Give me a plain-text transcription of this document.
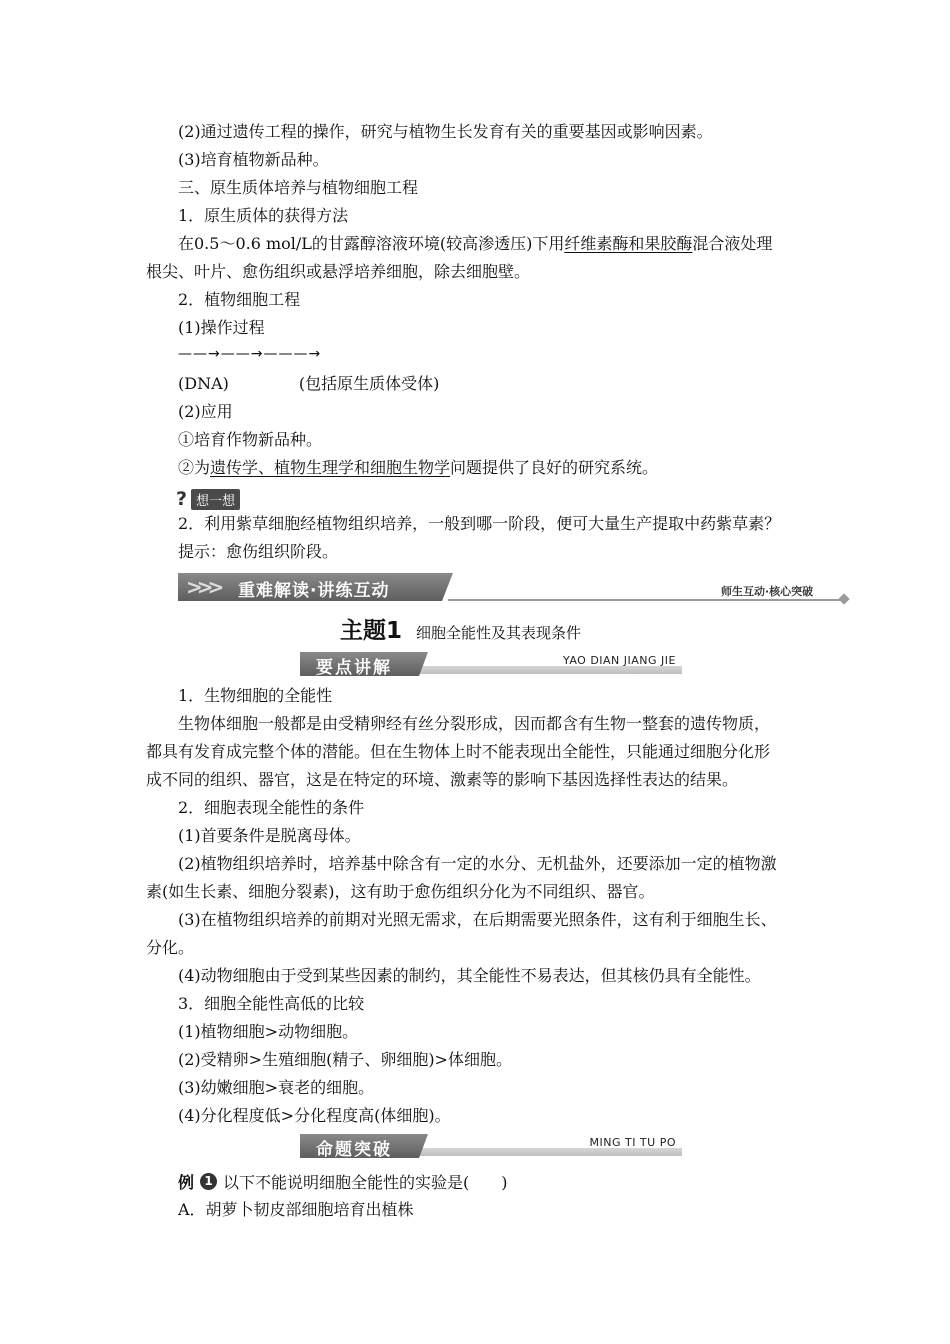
(2)通过遗传工程的操作，研究与植物生长发育有关的重要基因或影响因素。
(3)培育植物新品种。
三、原生质体培养与植物细胞工程
1．原生质体的获得方法
在0.5～0.6 mol/L的甘露醇溶液环境(较高渗透压)下用纤维素酶和果胶酶混合液处理
根尖、叶片、愈伤组织或悬浮培养细胞，除去细胞壁。
2．植物细胞工程
(1)操作过程
——→——→———→
(DNA)	(包括原生质体受体)
(2)应用
①培育作物新品种。
②为遗传学、植物生理学和细胞生物学问题提供了良好的研究系统。
? 想一想
2．利用紫草细胞经植物组织培养，一般到哪一阶段，便可大量生产提取中药紫草素？
提示：愈伤组织阶段。
>>> 重难解读·讲练互动	师生互动·核心突破
主题1 细胞全能性及其表现条件
要点讲解	YAO DIAN JIANG JIE
1．生物细胞的全能性
生物体细胞一般都是由受精卵经有丝分裂形成，因而都含有生物一整套的遗传物质，
都具有发育成完整个体的潜能。但在生物体上时不能表现出全能性，只能通过细胞分化形
成不同的组织、器官，这是在特定的环境、激素等的影响下基因选择性表达的结果。
2．细胞表现全能性的条件
(1)首要条件是脱离母体。
(2)植物组织培养时，培养基中除含有一定的水分、无机盐外，还要添加一定的植物激
素(如生长素、细胞分裂素)，这有助于愈伤组织分化为不同组织、器官。
(3)在植物组织培养的前期对光照无需求，在后期需要光照条件，这有利于细胞生长、
分化。
(4)动物细胞由于受到某些因素的制约，其全能性不易表达，但其核仍具有全能性。
3．细胞全能性高低的比较
(1)植物细胞>动物细胞。
(2)受精卵>生殖细胞(精子、卵细胞)>体细胞。
(3)幼嫩细胞>衰老的细胞。
(4)分化程度低>分化程度高(体细胞)。
命题突破	MING TI TU PO
例 1 以下不能说明细胞全能性的实验是(　　)
A．胡萝卜韧皮部细胞培育出植株
